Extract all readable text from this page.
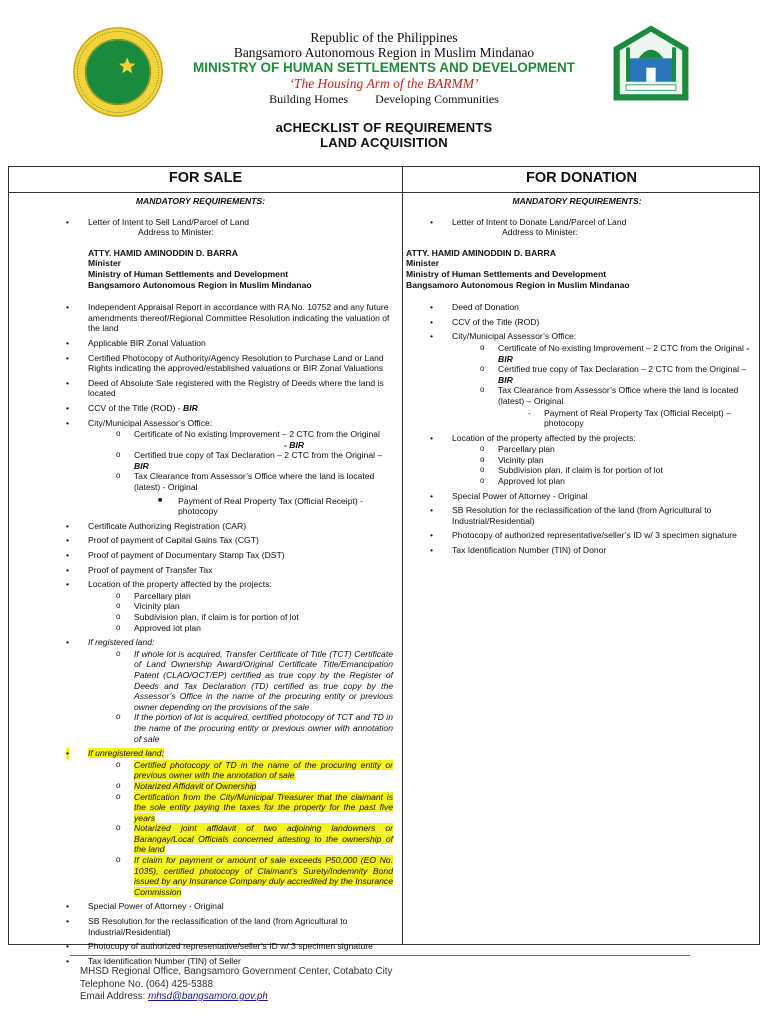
Republic of the Philippines
Bangsamoro Autonomous Region in Muslim Mindanao
MINISTRY OF HUMAN SETTLEMENTS AND DEVELOPMENT
‘The Housing Arm of the BARMM’
Building Homes Developing Communities
aCHECKLIST OF REQUIREMENTS
LAND ACQUISITION
FOR SALE	FOR DONATION
MANDATORY REQUIREMENTS:
• Letter of Intent to Sell Land/Parcel of Land
Address to Minister:
ATTY. HAMID AMINODDIN D. BARRA
Minister
Ministry of Human Settlements and Development
Bangsamoro Autonomous Region in Muslim Mindanao
• Independent Appraisal Report in accordance with RA No. 10752 and any future amendments thereof/Regional Committee Resolution indicating the valuation of the land
• Applicable BIR Zonal Valuation
• Certified Photocopy of Authority/Agency Resolution to Purchase Land or Land Rights indicating the approved/established valuations or BIR Zonal Valuations
• Deed of Absolute Sale registered with the Registry of Deeds where the land is located
• CCV of the Title (ROD) - BIR
• City/Municipal Assessor’s Office:
o Certificate of No existing Improvement – 2 CTC from the Original
- BIR
o Certified true copy of Tax Declaration – 2 CTC from the Original –
BIR
o Tax Clearance from Assessor’s Office where the land is located (latest) - Original
■ Payment of Real Property Tax (Official Receipt) - photocopy
• Certificate Authorizing Registration (CAR)
• Proof of payment of Capital Gains Tax (CGT)
• Proof of payment of Documentary Stamp Tax (DST)
• Proof of payment of Transfer Tax
• Location of the property affected by the projects:
o Parcellary plan
o Vicinity plan
o Subdivision plan, if claim is for portion of lot
o Approved lot plan
• If registered land:
o If whole lot is acquired, Transfer Certificate of Title (TCT) Certificate of Land Ownership Award/Original Certificate Title/Emancipation Patent (CLAO/OCT/EP) certified as true copy by the Register of Deeds and Tax Declaration (TD) certified as true copy by the Assessor’s Office in the name of the procuring entity or previous owner depending on the provisions of the sale
o If the portion of lot is acquired, certified photocopy of TCT and TD in the name of the procuring entity or previous owner with annotation of sale
• If unregistered land:
o Certified photocopy of TD in the name of the procuring entity or previous owner with the annotation of sale
o Notarized Affidavit of Ownership
o Certification from the City/Municipal Treasurer that the claimant is the sole entity paying the taxes for the property for the past five years
o Notarized joint affidavit of two adjoining landowners or Barangay/Local Officials concerned attesting to the ownership of the land
o If claim for payment or amount of sale exceeds P50,000 (EO No. 1035), certified photocopy of Claimant’s Surety/Indemnity Bond issued by any Insurance Company duly accredited by the Insurance Commission
• Special Power of Attorney - Original
• SB Resolution for the reclassification of the land (from Agricultural to Industrial/Residential)
• Photocopy of authorized representative/seller’s ID w/ 3 specimen signature
• Tax Identification Number (TIN) of Seller
MANDATORY REQUIREMENTS:
• Letter of Intent to Donate Land/Parcel of Land
Address to Minister:
ATTY. HAMID AMINODDIN D. BARRA
Minister
Ministry of Human Settlements and Development
Bangsamoro Autonomous Region in Muslim Mindanao
• Deed of Donation
• CCV of the Title (ROD)
• City/Municipal Assessor’s Office:
o Certificate of No existing Improvement – 2 CTC from the Original - BIR
o Certified true copy of Tax Declaration – 2 CTC from the Original – BIR
o Tax Clearance from Assessor’s Office where the land is located (latest) – Original
- Payment of Real Property Tax (Official Receipt) – photocopy
• Location of the property affected by the projects:
o Parcellary plan
o Vicinity plan
o Subdivision plan, if claim is for portion of lot
o Approved lot plan
• Special Power of Attorney - Original
• SB Resolution for the reclassification of the land (from Agricultural to Industrial/Residential)
• Photocopy of authorized representative/seller’s ID w/ 3 specimen signature
• Tax Identification Number (TIN) of Donor
MHSD Regional Office, Bangsamoro Government Center, Cotabato City
Telephone No. (064) 425-5388
Email Address: mhsd@bangsamoro.gov.ph
